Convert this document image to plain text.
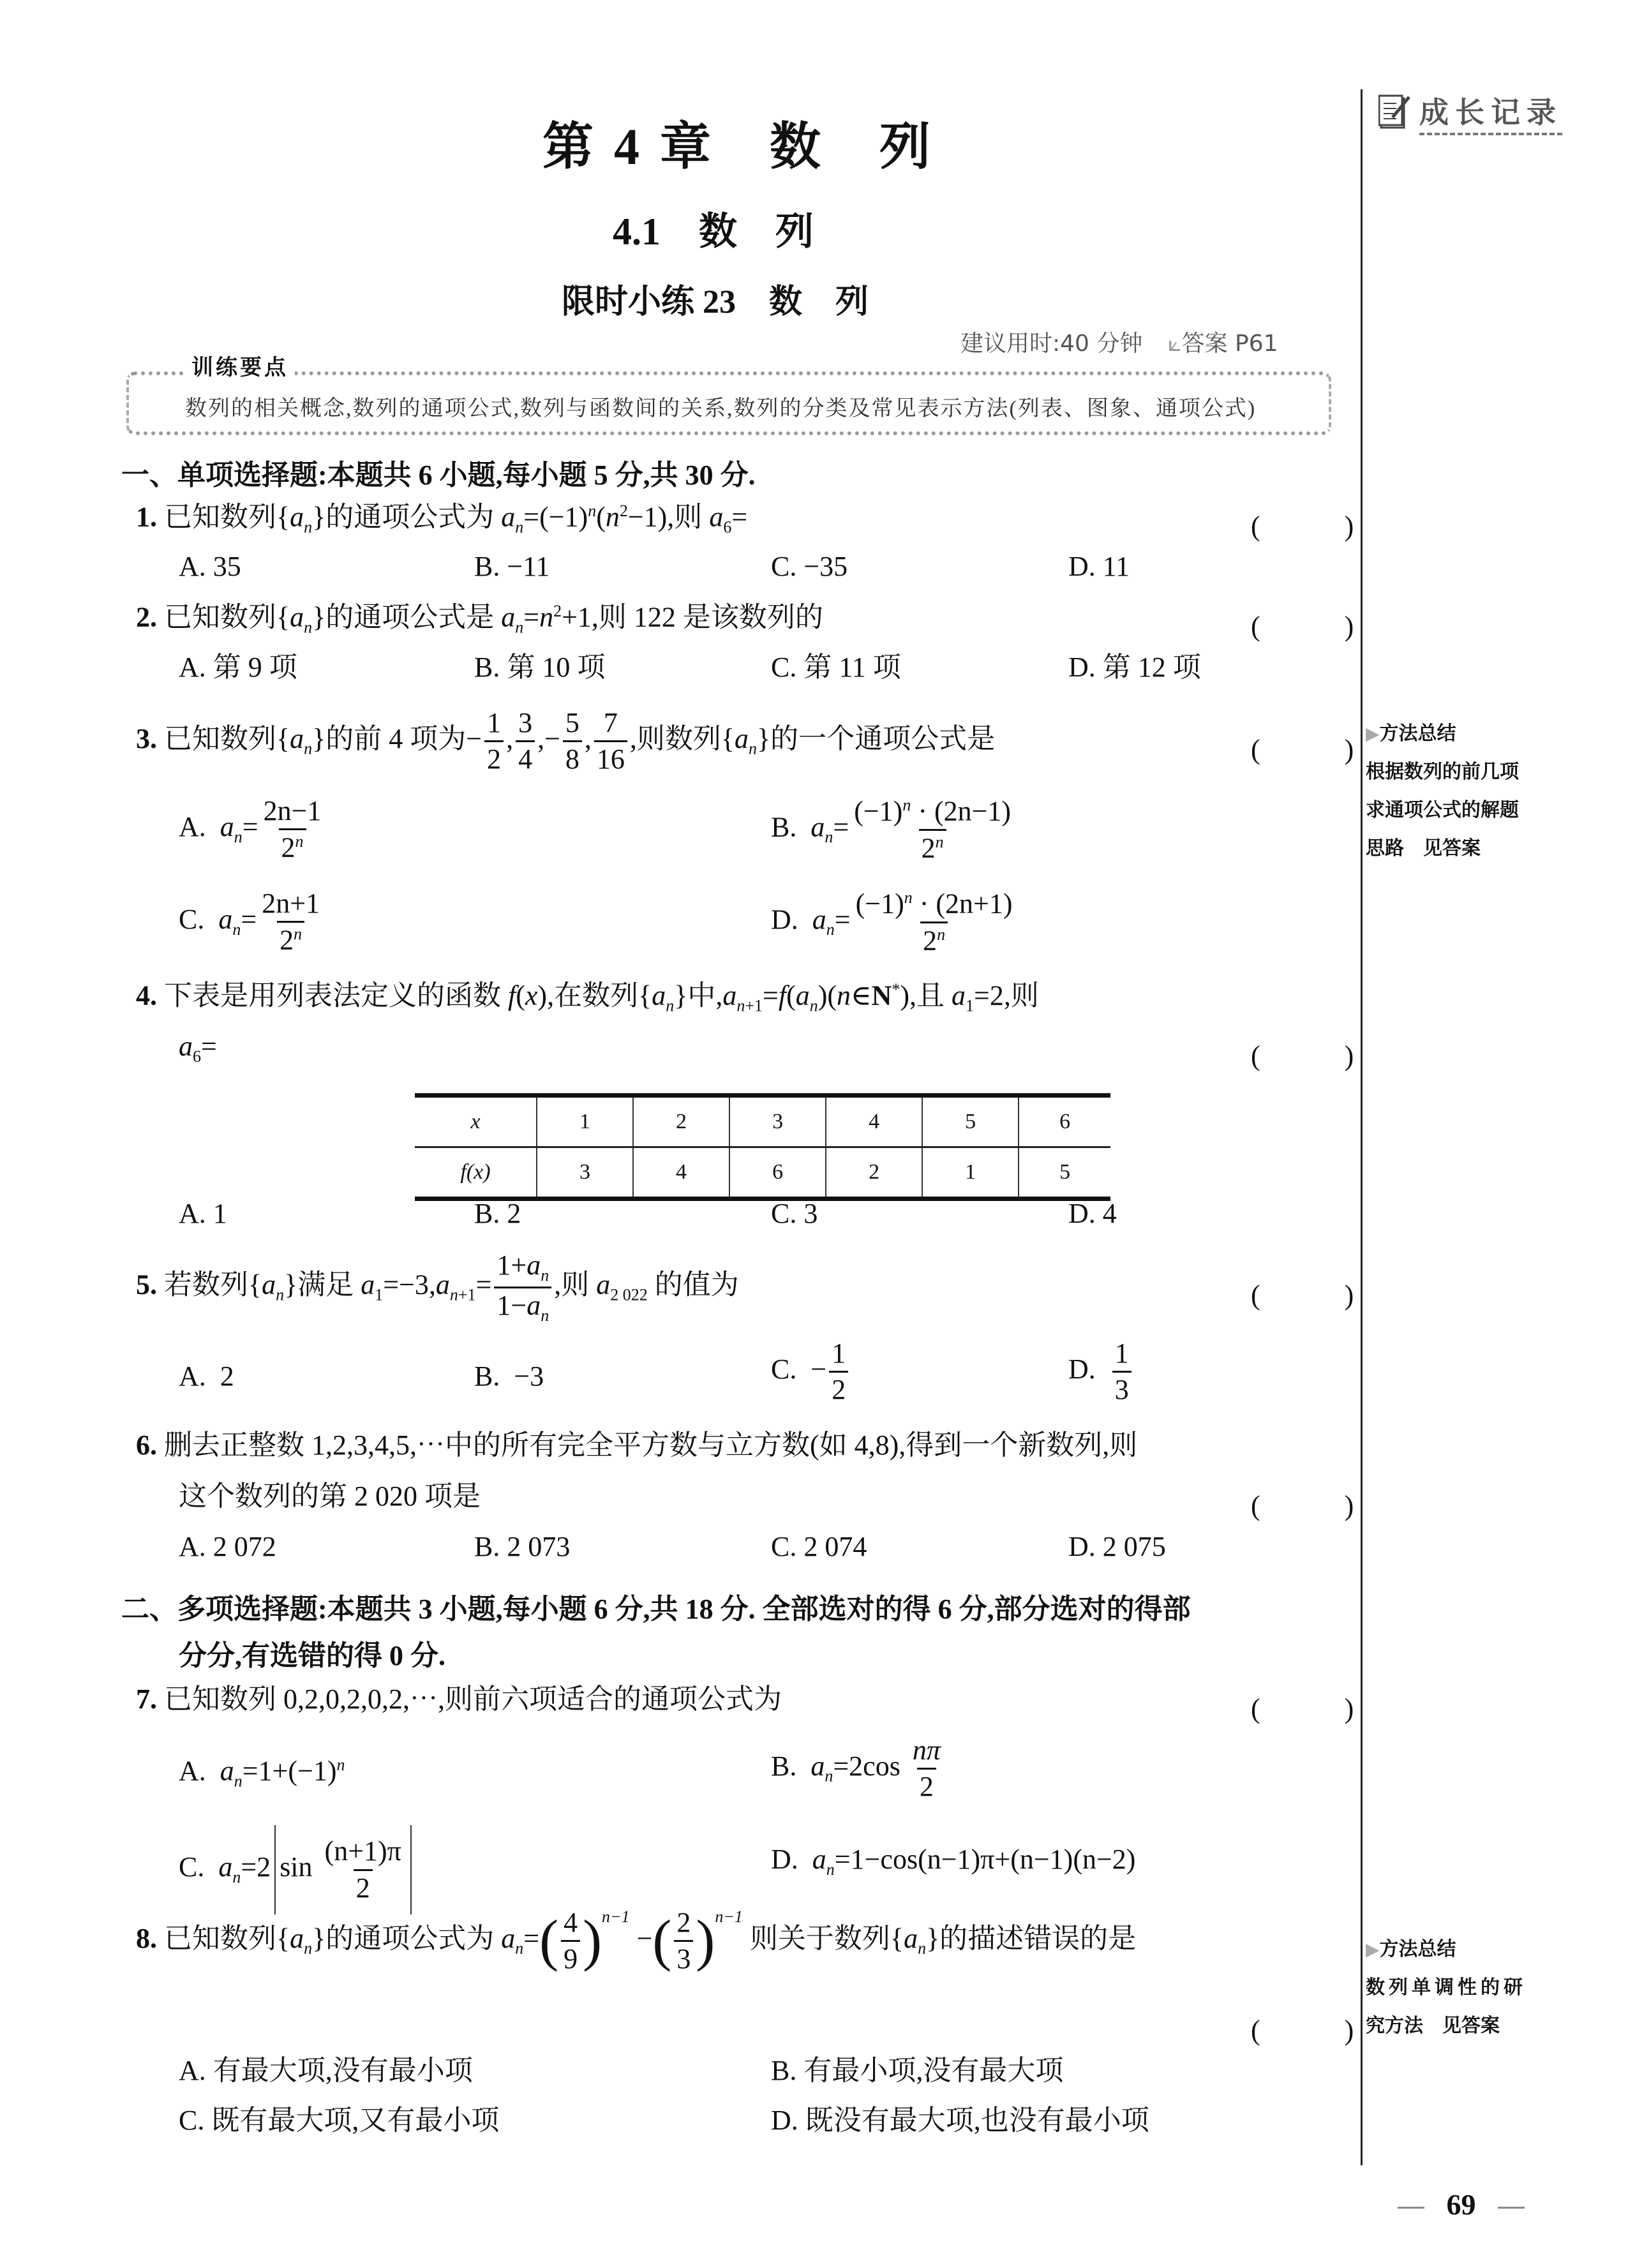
第 4 章　数　列
4.1　数　列
限时小练 23　数　列
建议用时:40 分钟 ⟀答案 P61
成长记录
▶方法总结
根据数列的前几项
求通项公式的解题
思路　见答案
▶方法总结
数列单调性的研
究方法　见答案
训练要点
数列的相关概念,数列的通项公式,数列与函数间的关系,数列的分类及常见表示方法(列表、图象、通项公式)
一、单项选择题:本题共 6 小题,每小题 5 分,共 30 分.
1. 已知数列$\{a_n\}$的通项公式为 $a_n=(-1)^n(n^2-1)$,则 $a_6=$	(　　　)
A. 35	B. −11	C. −35	D. 11
2. 已知数列$\{a_n\}$的通项公式是 $a_n=n^2+1$,则 122 是该数列的	(　　　)
A. 第 9 项	B. 第 10 项	C. 第 11 项	D. 第 12 项
3. 已知数列$\{a_n\}$的前 4 项为− $\frac{1}{2}$ , $\frac{3}{4}$ ,− $\frac{5}{8}$ , $\frac{7}{16}$ ,则数列$\{a_n\}$的一个通项公式是	(　　　)
A. $a_n= \frac{2n-1}{2^n}$	B. $a_n= \frac{(-1)^n \cdot (2n-1)}{2^n}$
C. $a_n= \frac{2n+1}{2^n}$	D. $a_n= \frac{(-1)^n \cdot (2n+1)}{2^n}$
4. 下表是用列表法定义的函数 f(x),在数列$\{a_n\}$中$,a_{n+1}=f(a_n)(n\in N^*)$,且 $a_1=2$,则
$a_6=$	(　　　)
x	1	2	3	4	5	6
f(x)	3	4	6	2	1	5
A. 1	B. 2	C. 3	D. 4
5. 若数列$\{a_n\}$满足 $a_1=-3,a_{n+1}= \frac{1+a_n}{1-a_n}$ ,则 $a_{2 022}$ 的值为	(　　　)
A. 2	B. −3	C. − $\frac{1}{2}$	D. $\frac{1}{3}$
6. 删去正整数 1,2,3,4,5,⋯中的所有完全平方数与立方数(如 4,8),得到一个新数列,则
这个数列的第 2 020 项是	(　　　)
A. 2 072	B. 2 073	C. 2 074	D. 2 075
二、多项选择题:本题共 3 小题,每小题 6 分,共 18 分. 全部选对的得 6 分,部分选对的得部
分分,有选错的得 0 分.
7. 已知数列 0,2,0,2,0,2,⋯,则前六项适合的通项公式为	(　　　)
A. $a_n=1+(-1)^n$	B. $a_n=2\cos \frac{n\pi}{2}$
C. $a_n=2$ $\sin \frac{(n+1)\pi}{2}$	D. $a_n=1-\cos(n-1)\pi+(n-1)(n-2)$
8. 已知数列$\{a_n\}$的通项公式为 $a_n=( \frac{4}{9} )^{n-1}$ −( $\frac{2}{3} )^{n-1}$ 则关于数列$\{a_n\}$的描述错误的是
(　　　)
A. 有最大项,没有最小项	B. 有最小项,没有最大项
C. 既有最大项,又有最小项	D. 既没有最大项,也没有最小项
69
